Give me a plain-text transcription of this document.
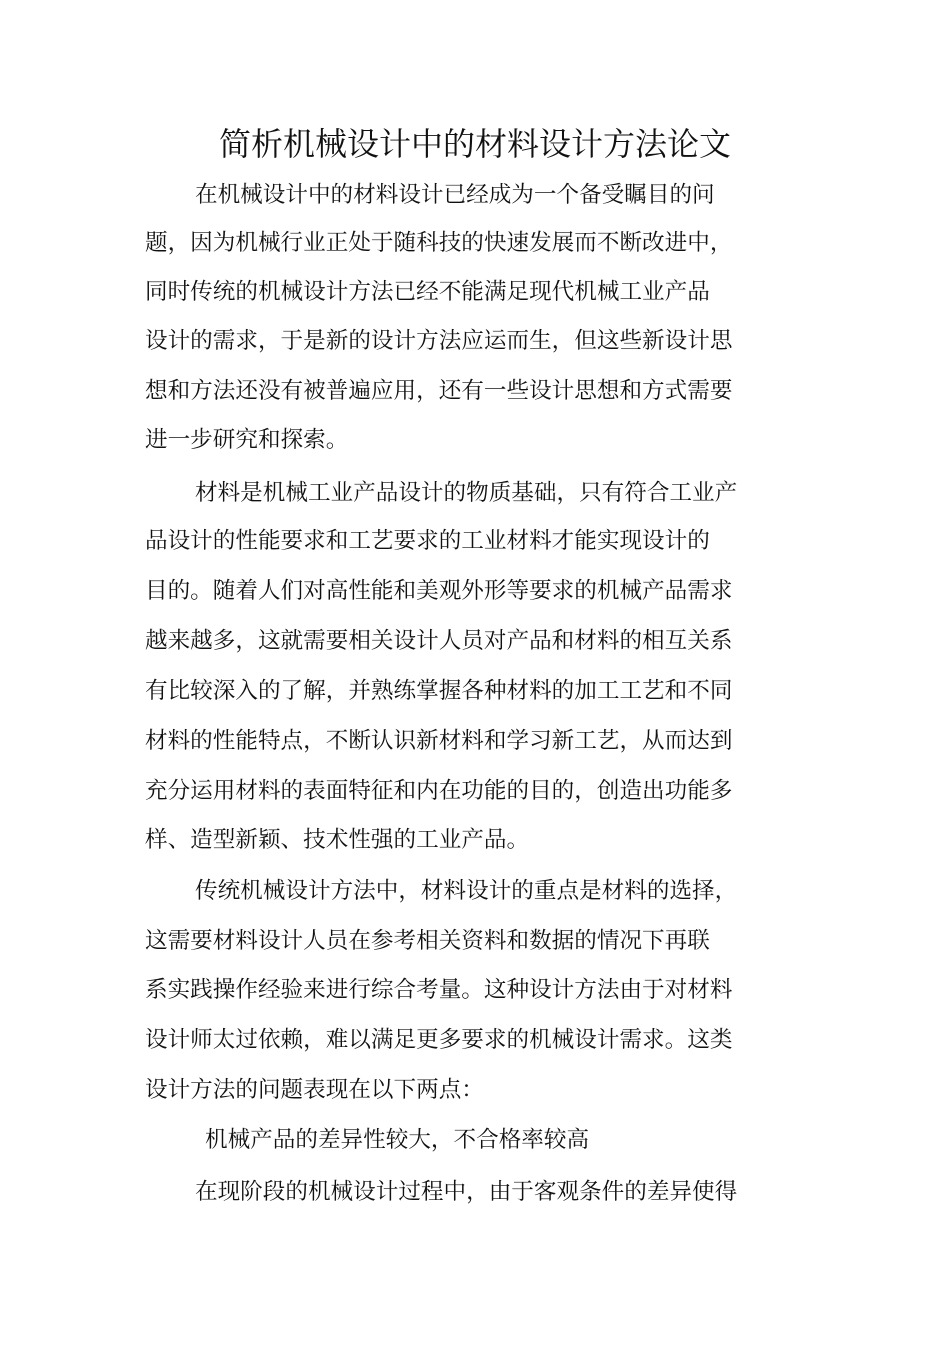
简析机械设计中的材料设计方法论文
在机械设计中的材料设计已经成为一个备受瞩目的问
题，因为机械行业正处于随科技的快速发展而不断改进中，
同时传统的机械设计方法已经不能满足现代机械工业产品
设计的需求，于是新的设计方法应运而生，但这些新设计思
想和方法还没有被普遍应用，还有一些设计思想和方式需要
进一步研究和探索。
材料是机械工业产品设计的物质基础，只有符合工业产
品设计的性能要求和工艺要求的工业材料才能实现设计的
目的。随着人们对高性能和美观外形等要求的机械产品需求
越来越多，这就需要相关设计人员对产品和材料的相互关系
有比较深入的了解，并熟练掌握各种材料的加工工艺和不同
材料的性能特点，不断认识新材料和学习新工艺，从而达到
充分运用材料的表面特征和内在功能的目的，创造出功能多
样、造型新颖、技术性强的工业产品。
传统机械设计方法中，材料设计的重点是材料的选择，
这需要材料设计人员在参考相关资料和数据的情况下再联
系实践操作经验来进行综合考量。这种设计方法由于对材料
设计师太过依赖，难以满足更多要求的机械设计需求。这类
设计方法的问题表现在以下两点：
机械产品的差异性较大，不合格率较高
在现阶段的机械设计过程中，由于客观条件的差异使得
